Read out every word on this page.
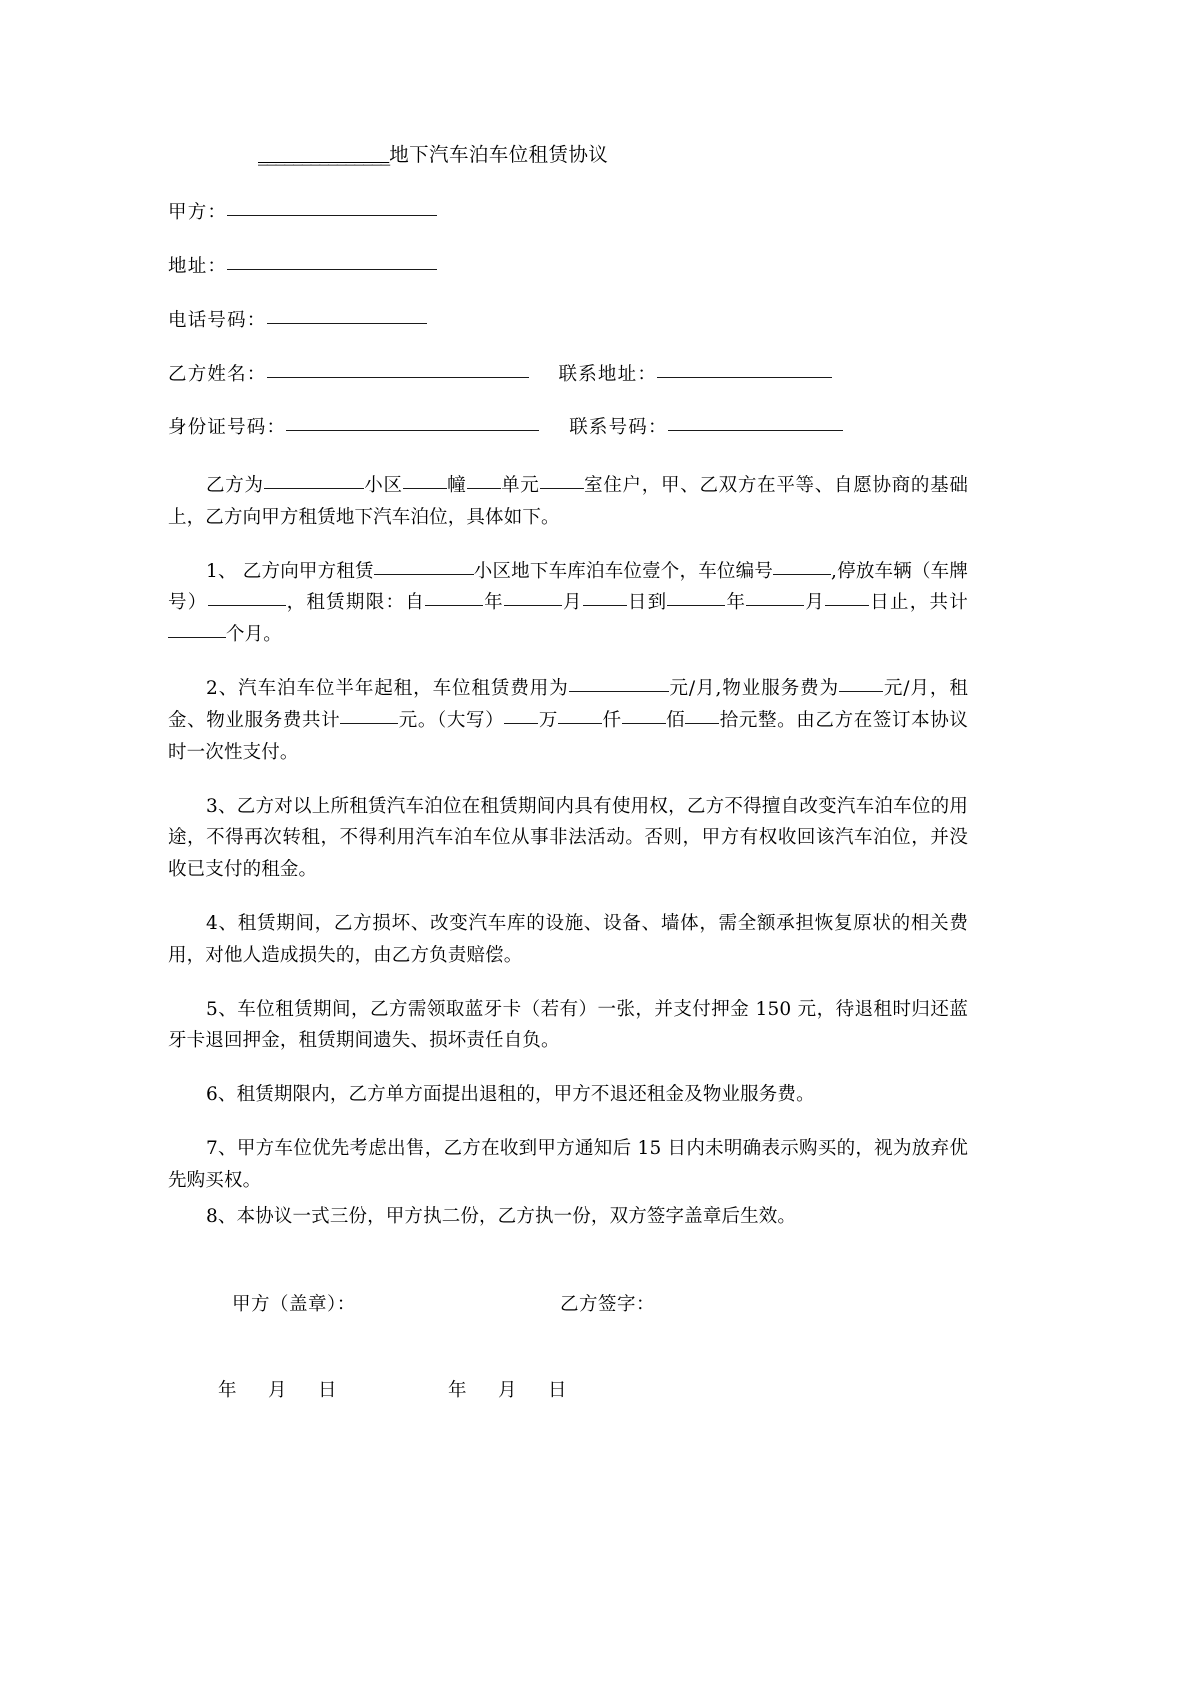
_______________地下汽车泊车位租赁协议
甲方：
地址：
电话号码：
乙方姓名：	联系地址：
身份证号码：	联系号码：

乙方为	小区 幢 单元 室住户，甲、乙双方在平等、自愿协商的基础上，乙方向甲方租赁地下汽车泊位，具体如下。

1、 乙方向甲方租赁	小区地下车库泊车位壹个，车位编号	,停放车辆（车牌号）	，租赁期限：自	年	月 日到	年	月 日止，共计个月。

2、汽车泊车位半年起租，车位租赁费用为	元/月,物业服务费为 元/月，租金、物业服务费共计	元。（大写） 万 仟 佰 拾元整。由乙方在签订本协议时一次性支付。

3、乙方对以上所租赁汽车泊位在租赁期间内具有使用权，乙方不得擅自改变汽车泊车位的用途，不得再次转租，不得利用汽车泊车位从事非法活动。否则，甲方有权收回该汽车泊位，并没收已支付的租金。

4、租赁期间，乙方损坏、改变汽车库的设施、设备、墙体，需全额承担恢复原状的相关费用，对他人造成损失的，由乙方负责赔偿。

5、车位租赁期间，乙方需领取蓝牙卡（若有）一张，并支付押金 150 元，待退租时归还蓝牙卡退回押金，租赁期间遗失、损坏责任自负。

6、租赁期限内，乙方单方面提出退租的，甲方不退还租金及物业服务费。

7、甲方车位优先考虑出售，乙方在收到甲方通知后 15 日内未明确表示购买的，视为放弃优先购买权。

8、本协议一式三份，甲方执二份，乙方执一份，双方签字盖章后生效。

甲方（盖章）：	乙方签字：
年 月 日	年 月 日
